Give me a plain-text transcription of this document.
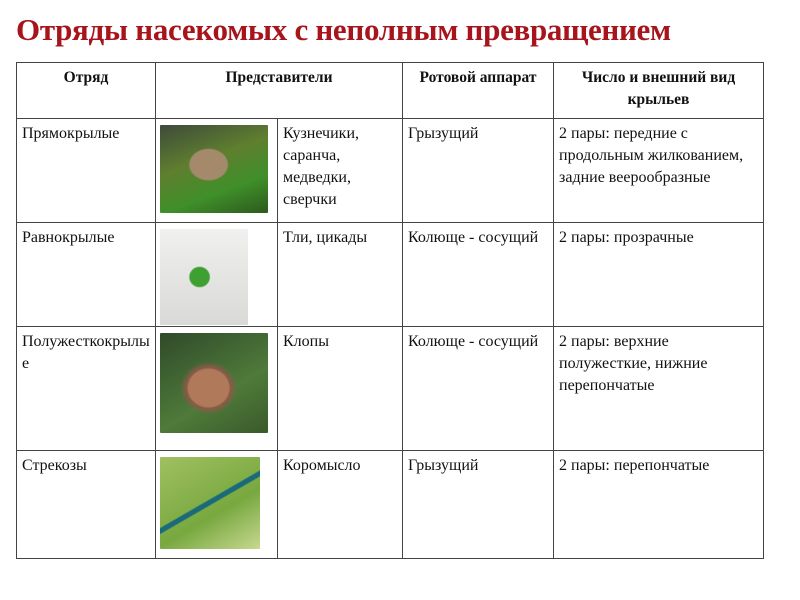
Отряды насекомых с неполным превращением
Отряд	Представители		Ротовой аппарат	Число и внешний вид крыльев
Прямокрылые		Кузнечики, саранча, медведки, сверчки	Грызущий	2 пары: передние с продольным жилкованием, задние веерообразные
Равнокрылые		Тли, цикады	Колюще - сосущий	2 пары: прозрачные
Полужесткокрылые		Клопы	Колюще - сосущий	2 пары: верхние полужесткие, нижние перепончатые
Стрекозы		Коромысло	Грызущий	2 пары: перепончатые
